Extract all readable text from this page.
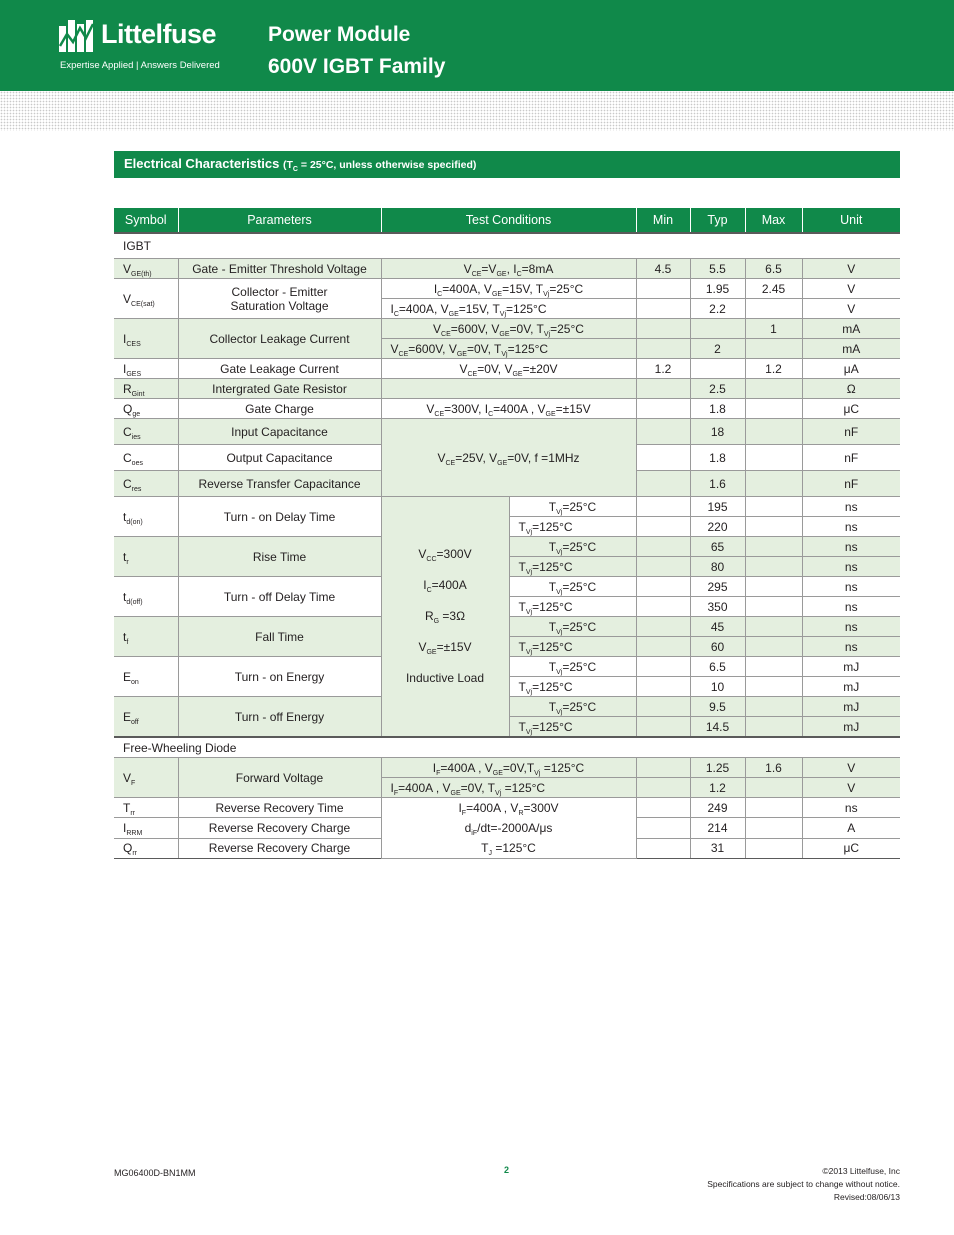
Littelfuse
Expertise Applied | Answers Delivered
Power Module
600V IGBT Family
Electrical Characteristics ($T_C = 25^\circ C$, unless otherwise specified)
Symbol	Parameters	Test Conditions		Min	Typ	Max	Unit
IGBT							
$V_{GE(th)}$	Gate - Emitter Threshold Voltage	$V_{CE}=V_{GE}$, $I_C=8mA$		4.5	5.5	6.5	V
$V_{CE(sat)}$	Collector - Emitter
Saturation Voltage	$I_C=400A$, $V_{GE}=15V$, $T_{Vj}=25^\circ C$			1.95	2.45	V
		$I_C=400A$, $V_{GE}=15V$, $T_{Vj}=125^\circ C$			2.2		V
$I_{CES}$	Collector Leakage Current	$V_{CE}=600V$, $V_{GE}=0V$, $T_{Vj}=25^\circ C$				1	mA
		$V_{CE}=600V$, $V_{GE}=0V$, $T_{Vj}=125^\circ C$			2		mA
$I_{GES}$	Gate Leakage Current	$V_{CE}=0V$, $V_{GE}=\pm 20V$		1.2		1.2	μA
$R_{Gint}$	Intergrated Gate Resistor				2.5		Ω
$Q_{ge}$	Gate Charge	$V_{CE}=300V$, $I_C=400A$ , $V_{GE}=\pm 15V$			1.8		μC
$C_{ies}$	Input Capacitance	$V_{CE}=25V$, $V_{GE}=0V$, f =1MHz			18		nF
$C_{oes}$	Output Capacitance				1.8		nF
$C_{res}$	Reverse Transfer Capacitance				1.6		nF
$t_{d(on)}$	Turn - on Delay Time	$V_{CC}=300V$
$I_C=400A$
$R_G =3\Omega$
$V_{GE}=\pm 15V$
Inductive Load	$T_{Vj}=25^\circ C$		195		ns
			$T_{Vj}=125^\circ C$		220		ns
$t_r$	Rise Time		$T_{Vj}=25^\circ C$		65		ns
			$T_{Vj}=125^\circ C$		80		ns
$t_{d(off)}$	Turn - off Delay Time		$T_{Vj}=25^\circ C$		295		ns
			$T_{Vj}=125^\circ C$		350		ns
$t_f$	Fall Time		$T_{Vj}=25^\circ C$		45		ns
			$T_{Vj}=125^\circ C$		60		ns
$E_{on}$	Turn - on Energy		$T_{Vj}=25^\circ C$		6.5		mJ
			$T_{Vj}=125^\circ C$		10		mJ
$E_{off}$	Turn - off Energy		$T_{Vj}=25^\circ C$		9.5		mJ
			$T_{Vj}=125^\circ C$		14.5		mJ
Free-Wheeling Diode							
$V_F$	Forward Voltage	$I_F=400A$ , $V_{GE}=0V,T_{Vj} =125^\circ C$			1.25	1.6	V
		$I_F=400A$ , $V_{GE}=0V$, $T_{Vj} =125^\circ C$			1.2		V
$T_{rr}$	Reverse Recovery Time	$I_F=400A$ , $V_R=300V$
$d_{iF}/dt=-2000A/\mu s$
$T_J =125^\circ C$			249		ns
$I_{RRM}$	Reverse Recovery Charge				214		A
$Q_{rr}$	Reverse Recovery Charge				31		μC
MG06400D-BN1MM	2	©2013 Littelfuse, Inc
Specifications are subject to change without notice.
Revised:08/06/13
